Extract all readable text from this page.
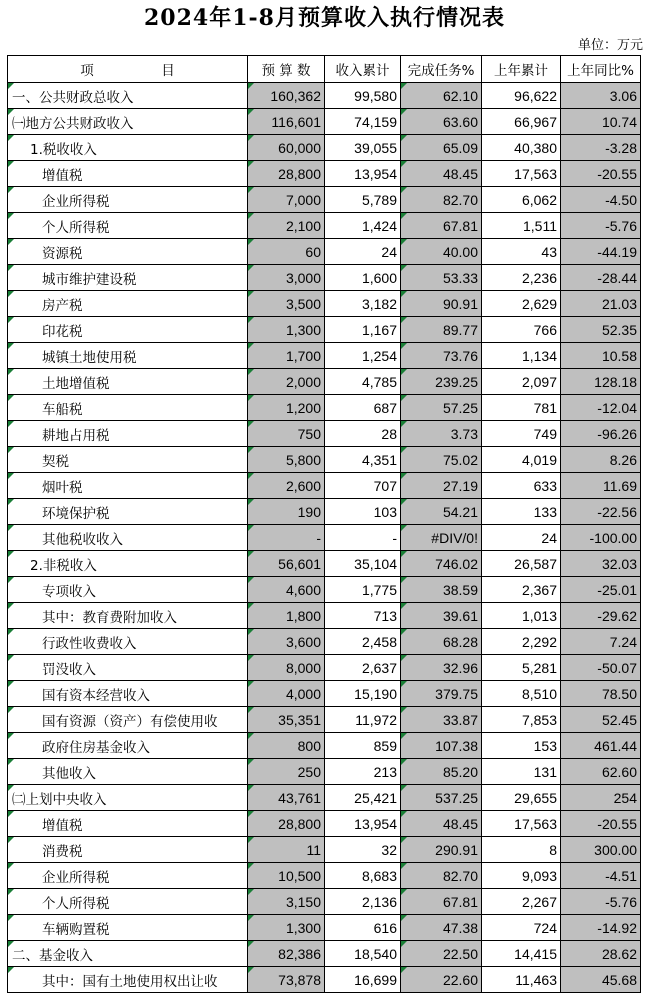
2024年1-8月预算收入执行情况表
单位：万元
项　　　　　目	预 算 数	收入累计	完成任务%	上年累计	上年同比%
一、公共财政总收入	160,362	99,580	62.10	96,622	3.06
㈠地方公共财政收入	116,601	74,159	63.60	66,967	10.74
1.税收收入	60,000	39,055	65.09	40,380	-3.28
增值税	28,800	13,954	48.45	17,563	-20.55
企业所得税	7,000	5,789	82.70	6,062	-4.50
个人所得税	2,100	1,424	67.81	1,511	-5.76
资源税	60	24	40.00	43	-44.19
城市维护建设税	3,000	1,600	53.33	2,236	-28.44
房产税	3,500	3,182	90.91	2,629	21.03
印花税	1,300	1,167	89.77	766	52.35
城镇土地使用税	1,700	1,254	73.76	1,134	10.58
土地增值税	2,000	4,785	239.25	2,097	128.18
车船税	1,200	687	57.25	781	-12.04
耕地占用税	750	28	3.73	749	-96.26
契税	5,800	4,351	75.02	4,019	8.26
烟叶税	2,600	707	27.19	633	11.69
环境保护税	190	103	54.21	133	-22.56
其他税收收入	-	-	#DIV/0!	24	-100.00
2.非税收入	56,601	35,104	746.02	26,587	32.03
专项收入	4,600	1,775	38.59	2,367	-25.01
其中：教育费附加收入	1,800	713	39.61	1,013	-29.62
行政性收费收入	3,600	2,458	68.28	2,292	7.24
罚没收入	8,000	2,637	32.96	5,281	-50.07
国有资本经营收入	4,000	15,190	379.75	8,510	78.50
国有资源（资产）有偿使用收	35,351	11,972	33.87	7,853	52.45
政府住房基金收入	800	859	107.38	153	461.44
其他收入	250	213	85.20	131	62.60
㈡上划中央收入	43,761	25,421	537.25	29,655	254
增值税	28,800	13,954	48.45	17,563	-20.55
消费税	11	32	290.91	8	300.00
企业所得税	10,500	8,683	82.70	9,093	-4.51
个人所得税	3,150	2,136	67.81	2,267	-5.76
车辆购置税	1,300	616	47.38	724	-14.92
二、基金收入	82,386	18,540	22.50	14,415	28.62
其中：国有土地使用权出让收	73,878	16,699	22.60	11,463	45.68
